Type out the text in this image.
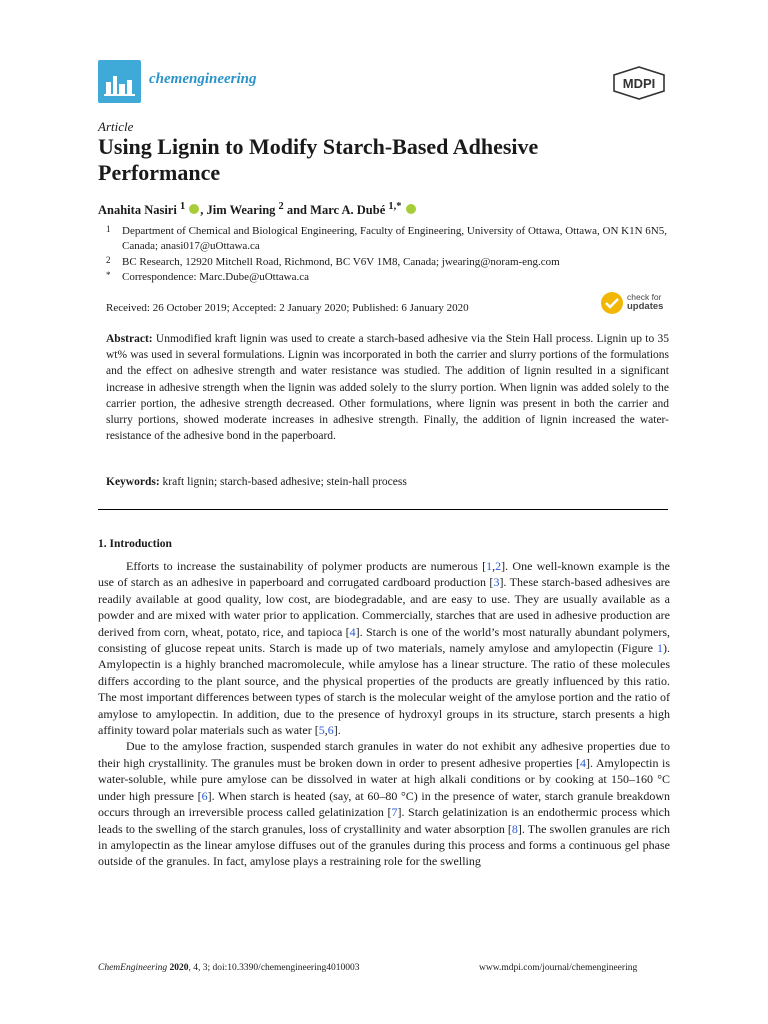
chemengineering	MDPI
Article
Using Lignin to Modify Starch-Based Adhesive Performance
Anahita Nasiri $^1$ , Jim Wearing $^2$ and Marc A. Dubé $^{1,*}$
1 Department of Chemical and Biological Engineering, Faculty of Engineering, University of Ottawa, Ottawa, ON K1N 6N5, Canada; anasi017@uOttawa.ca
2 BC Research, 12920 Mitchell Road, Richmond, BC V6V 1M8, Canada; jwearing@noram-eng.com
* Correspondence: Marc.Dube@uOttawa.ca
Received: 26 October 2019; Accepted: 2 January 2020; Published: 6 January 2020
check for
updates
Abstract: Unmodified kraft lignin was used to create a starch-based adhesive via the Stein Hall process. Lignin up to 35 wt% was used in several formulations. Lignin was incorporated in both the carrier and slurry portions of the formulations and the effect on adhesive strength and water resistance was studied. The addition of lignin resulted in a significant increase in adhesive strength when the lignin was added solely to the slurry portion. When lignin was added solely to the carrier portion, the adhesive strength decreased. Other formulations, where lignin was present in both the carrier and slurry portions, showed moderate increases in adhesive strength. Finally, the addition of lignin increased the water-resistance of the adhesive bond in the paperboard.
Keywords: kraft lignin; starch-based adhesive; stein-hall process
1. Introduction

Efforts to increase the sustainability of polymer products are numerous [1,2]. One well-known example is the use of starch as an adhesive in paperboard and corrugated cardboard production [3]. These starch-based adhesives are readily available at good quality, low cost, are biodegradable, and are easy to use. They are usually available as a powder and are mixed with water prior to application. Commercially, starches that are used in adhesive production are derived from corn, wheat, potato, rice, and tapioca [4]. Starch is one of the world’s most naturally abundant polymers, consisting of glucose repeat units. Starch is made up of two materials, namely amylose and amylopectin (Figure 1). Amylopectin is a highly branched macromolecule, while amylose has a linear structure. The ratio of these molecules differs according to the plant source, and the physical properties of the products are greatly influenced by this ratio. The most important differences between types of starch is the molecular weight of the amylose portion and the ratio of amylose to amylopectin. In addition, due to the presence of hydroxyl groups in its structure, starch presents a high affinity toward polar materials such as water [5,6].

Due to the amylose fraction, suspended starch granules in water do not exhibit any adhesive properties due to their high crystallinity. The granules must be broken down in order to present adhesive properties [4]. Amylopectin is water-soluble, while pure amylose can be dissolved in water at high alkali conditions or by cooking at 150–160 °C under high pressure [6]. When starch is heated (say, at 60–80 °C) in the presence of water, starch granule breakdown occurs through an irreversible process called gelatinization [7]. Starch gelatinization is an endothermic process which leads to the swelling of the starch granules, loss of crystallinity and water absorption [8]. The swollen granules are rich in amylopectin as the linear amylose diffuses out of the granules during this process and forms a continuous gel phase outside of the granules. In fact, amylose plays a restraining role for the swelling

ChemEngineering 2020, 4, 3; doi:10.3390/chemengineering4010003	www.mdpi.com/journal/chemengineering
